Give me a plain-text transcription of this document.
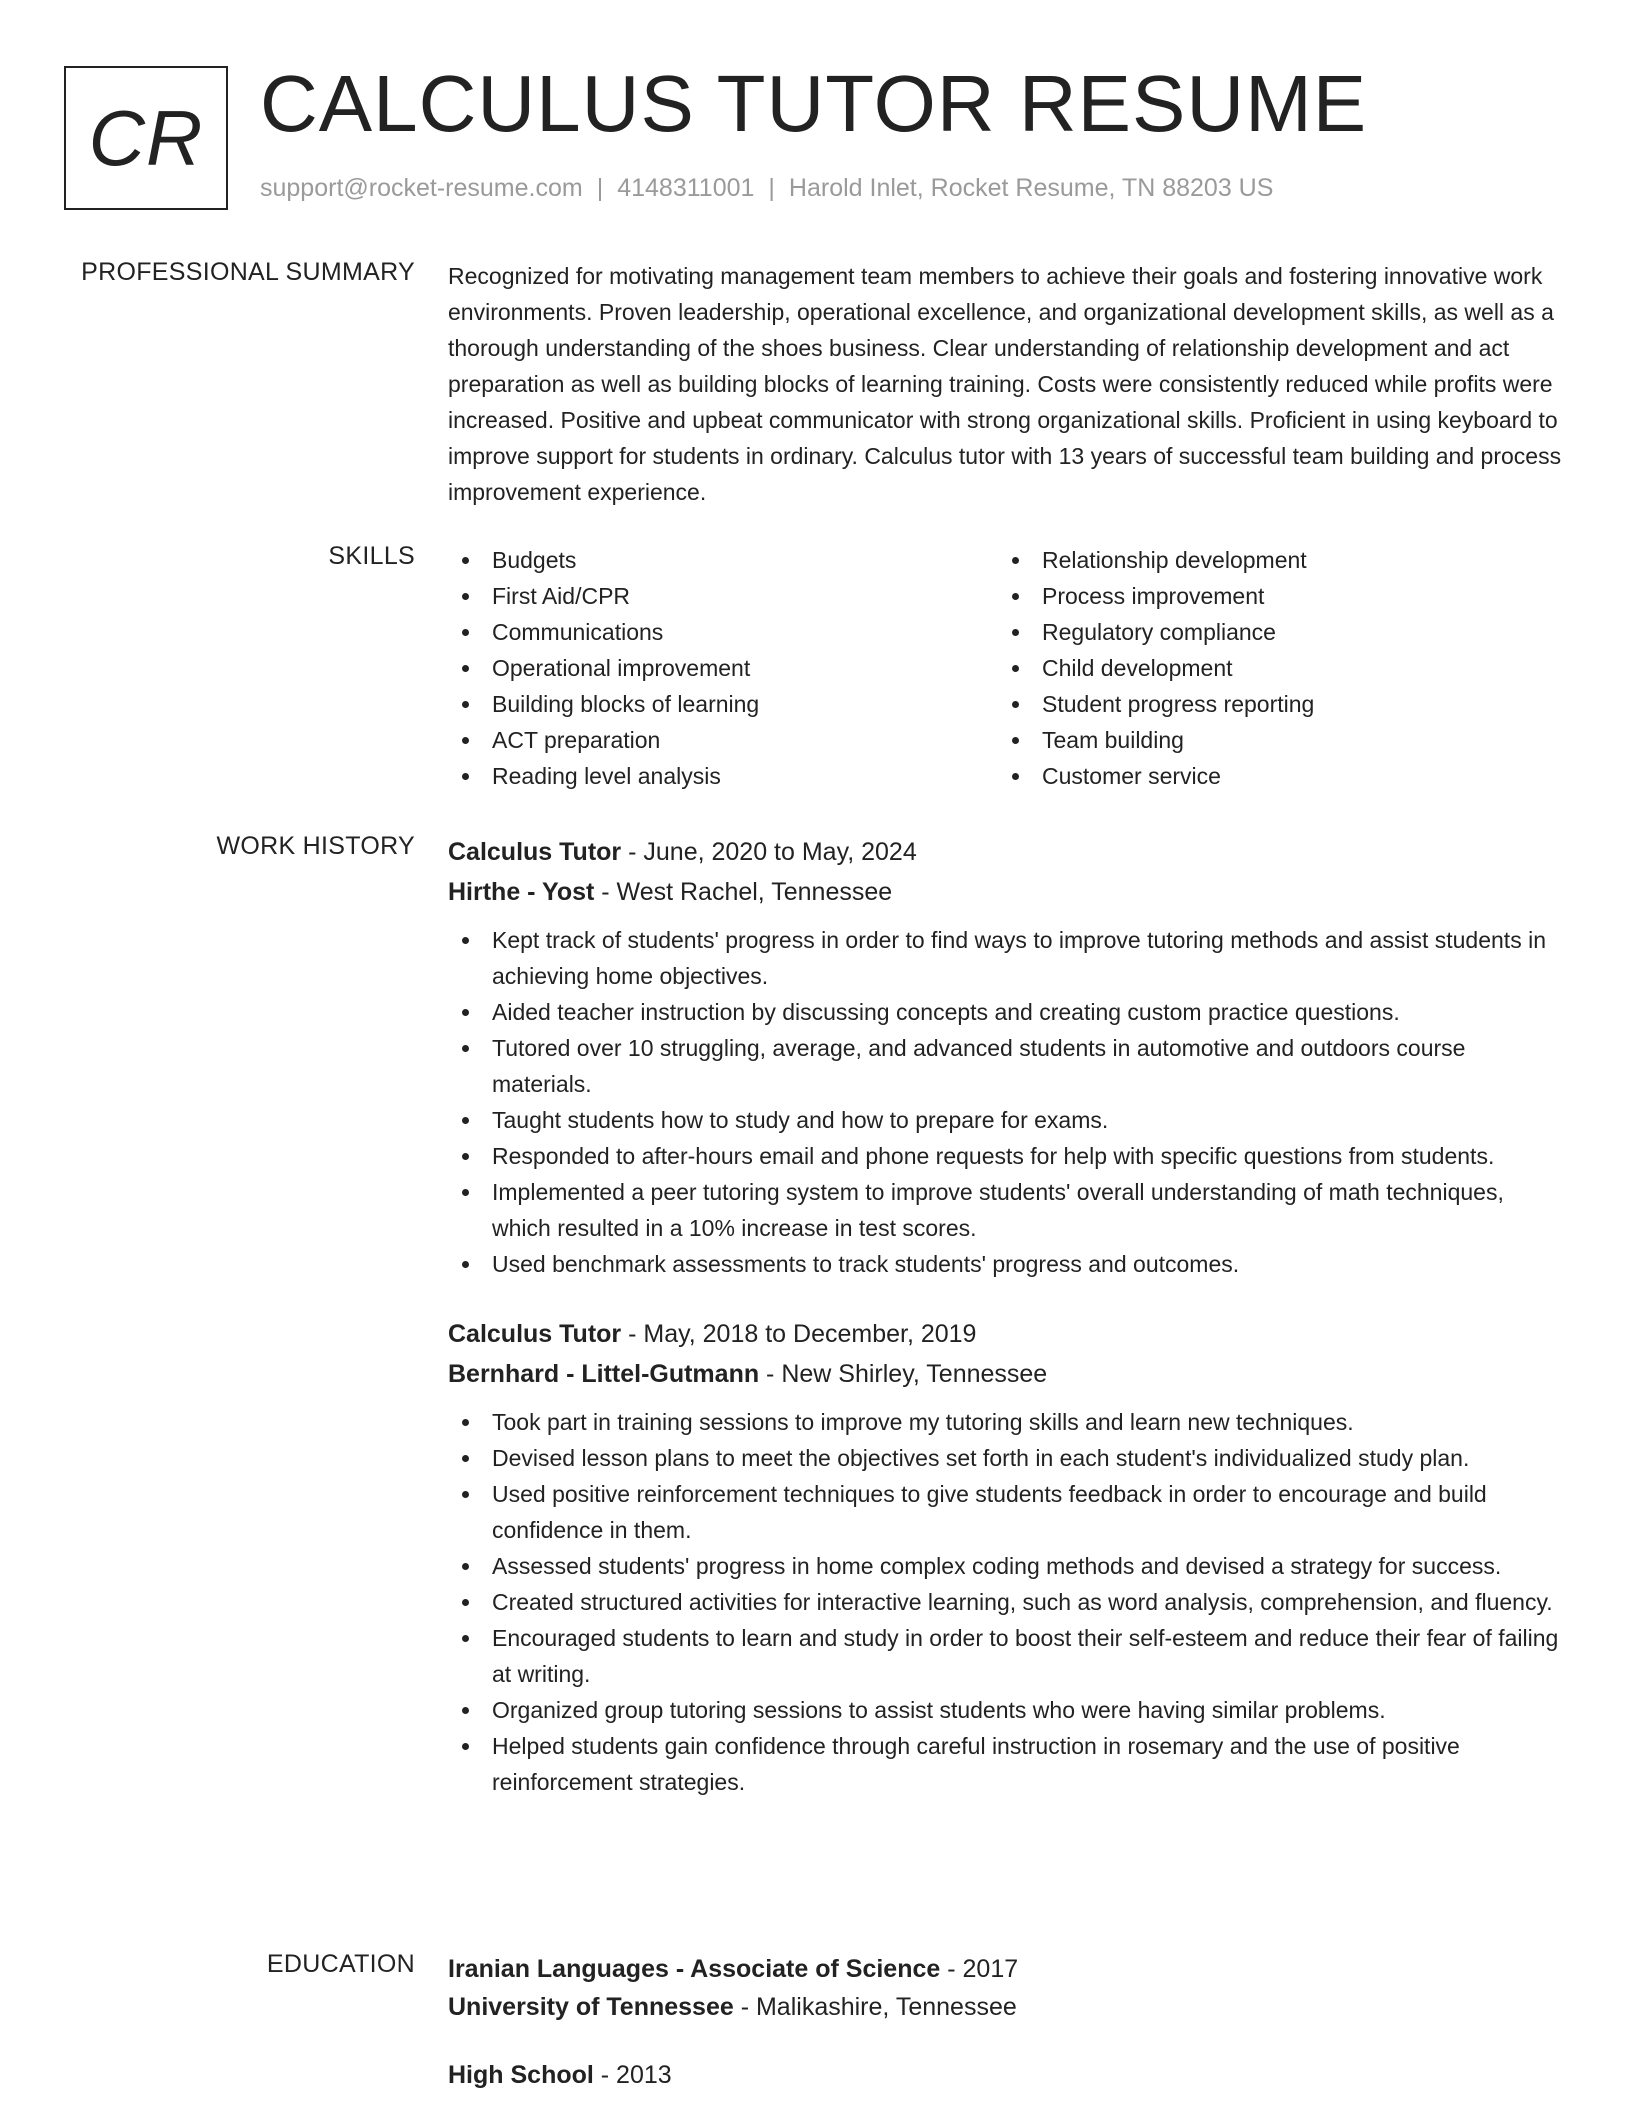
CR CALCULUS TUTOR RESUME
support@rocket-resume.com | 4148311001 | Harold Inlet, Rocket Resume, TN 88203 US
PROFESSIONAL SUMMARY Recognized for motivating management team members to achieve their goals and fostering innovative work environments. Proven leadership, operational excellence, and organizational development skills, as well as a thorough understanding of the shoes business. Clear understanding of relationship development and act preparation as well as building blocks of learning training. Costs were consistently reduced while profits were increased. Positive and upbeat communicator with strong organizational skills. Proficient in using keyboard to improve support for students in ordinary. Calculus tutor with 13 years of successful team building and process improvement experience.

SKILLS	Budgets
First Aid/CPR
Communications
Operational improvement
Building blocks of learning
ACT preparation
Reading level analysis
Relationship development
Process improvement
Regulatory compliance
Child development
Student progress reporting
Team building
Customer service
WORK HISTORY Calculus Tutor - June, 2020 to May, 2024
Hirthe - Yost - West Rachel, Tennessee
Kept track of students' progress in order to find ways to improve tutoring methods and assist students in achieving home objectives.
Aided teacher instruction by discussing concepts and creating custom practice questions.
Tutored over 10 struggling, average, and advanced students in automotive and outdoors course materials.
Taught students how to study and how to prepare for exams.
Responded to after-hours email and phone requests for help with specific questions from students.
Implemented a peer tutoring system to improve students' overall understanding of math techniques, which resulted in a 10% increase in test scores.
Used benchmark assessments to track students' progress and outcomes.
Calculus Tutor - May, 2018 to December, 2019
Bernhard - Littel-Gutmann - New Shirley, Tennessee
Took part in training sessions to improve my tutoring skills and learn new techniques.
Devised lesson plans to meet the objectives set forth in each student's individualized study plan.
Used positive reinforcement techniques to give students feedback in order to encourage and build confidence in them.
Assessed students' progress in home complex coding methods and devised a strategy for success.
Created structured activities for interactive learning, such as word analysis, comprehension, and fluency.
Encouraged students to learn and study in order to boost their self-esteem and reduce their fear of failing at writing.
Organized group tutoring sessions to assist students who were having similar problems.
Helped students gain confidence through careful instruction in rosemary and the use of positive reinforcement strategies.
EDUCATION Iranian Languages - Associate of Science - 2017
University of Tennessee - Malikashire, Tennessee
High School - 2013
